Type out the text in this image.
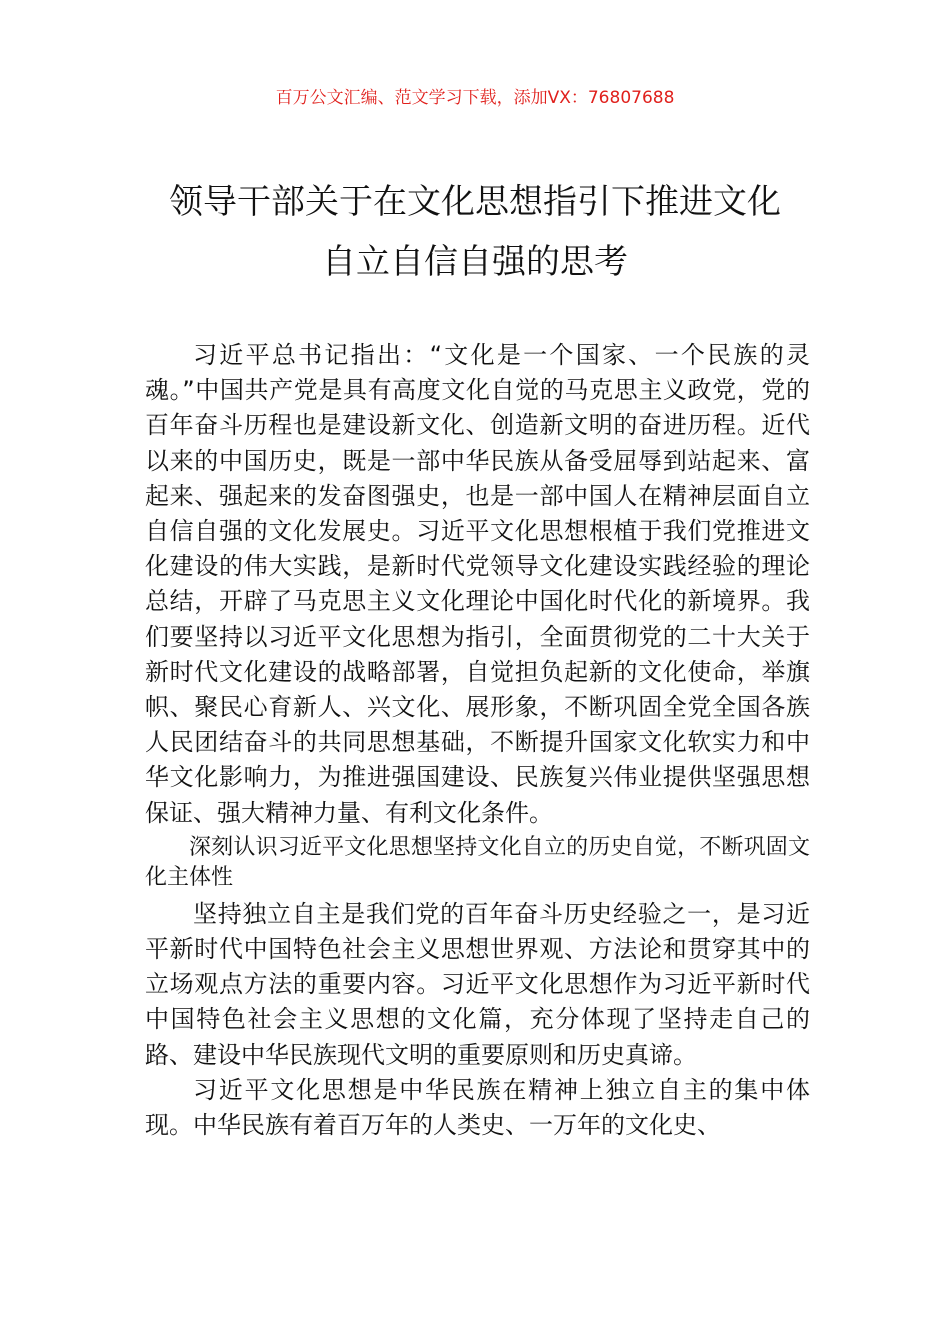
百万公文汇编、范文学习下载，添加VX：76807688
领导干部关于在文化思想指引下推进文化
自立自信自强的思考

习近平总书记指出：“文化是一个国家、一个民族的灵魂。”中国共产党是具有高度文化自觉的马克思主义政党，党的百年奋斗历程也是建设新文化、创造新文明的奋进历程。近代以来的中国历史，既是一部中华民族从备受屈辱到站起来、富起来、强起来的发奋图强史，也是一部中国人在精神层面自立自信自强的文化发展史。习近平文化思想根植于我们党推进文化建设的伟大实践，是新时代党领导文化建设实践经验的理论总结，开辟了马克思主义文化理论中国化时代化的新境界。我们要坚持以习近平文化思想为指引，全面贯彻党的二十大关于新时代文化建设的战略部署，自觉担负起新的文化使命，举旗帜、聚民心育新人、兴文化、展形象，不断巩固全党全国各族人民团结奋斗的共同思想基础，不断提升国家文化软实力和中华文化影响力，为推进强国建设、民族复兴伟业提供坚强思想保证、强大精神力量、有利文化条件。

深刻认识习近平文化思想坚持文化自立的历史自觉，不断巩固文化主体性

坚持独立自主是我们党的百年奋斗历史经验之一，是习近平新时代中国特色社会主义思想世界观、方法论和贯穿其中的立场观点方法的重要内容。习近平文化思想作为习近平新时代中国特色社会主义思想的文化篇，充分体现了坚持走自己的路、建设中华民族现代文明的重要原则和历史真谛。

习近平文化思想是中华民族在精神上独立自主的集中体现。中华民族有着百万年的人类史、一万年的文化史、
